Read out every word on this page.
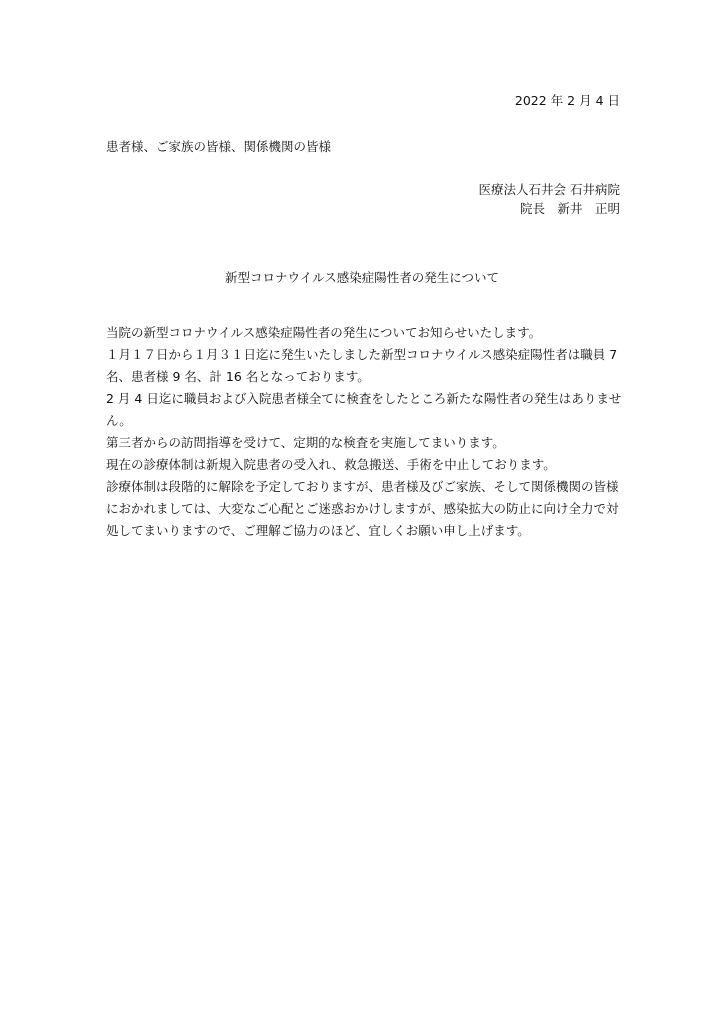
2022 年 2 月 4 日
患者様、ご家族の皆様、関係機関の皆様
医療法人石井会 石井病院
院長　新井　正明
新型コロナウイルス感染症陽性者の発生について

当院の新型コロナウイルス感染症陽性者の発生についてお知らせいたします。

１月１７日から１月３１日迄に発生いたしました新型コロナウイルス感染症陽性者は職員 7 名、患者様 9 名、計 16 名となっております。

2 月 4 日迄に職員および入院患者様全てに検査をしたところ新たな陽性者の発生はありません。

第三者からの訪問指導を受けて、定期的な検査を実施してまいります。

現在の診療体制は新規入院患者の受入れ、救急搬送、手術を中止しております。

診療体制は段階的に解除を予定しておりますが、患者様及びご家族、そして関係機関の皆様におかれましては、大変なご心配とご迷惑おかけしますが、感染拡大の防止に向け全力で対処してまいりますので、ご理解ご協力のほど、宜しくお願い申し上げます。
